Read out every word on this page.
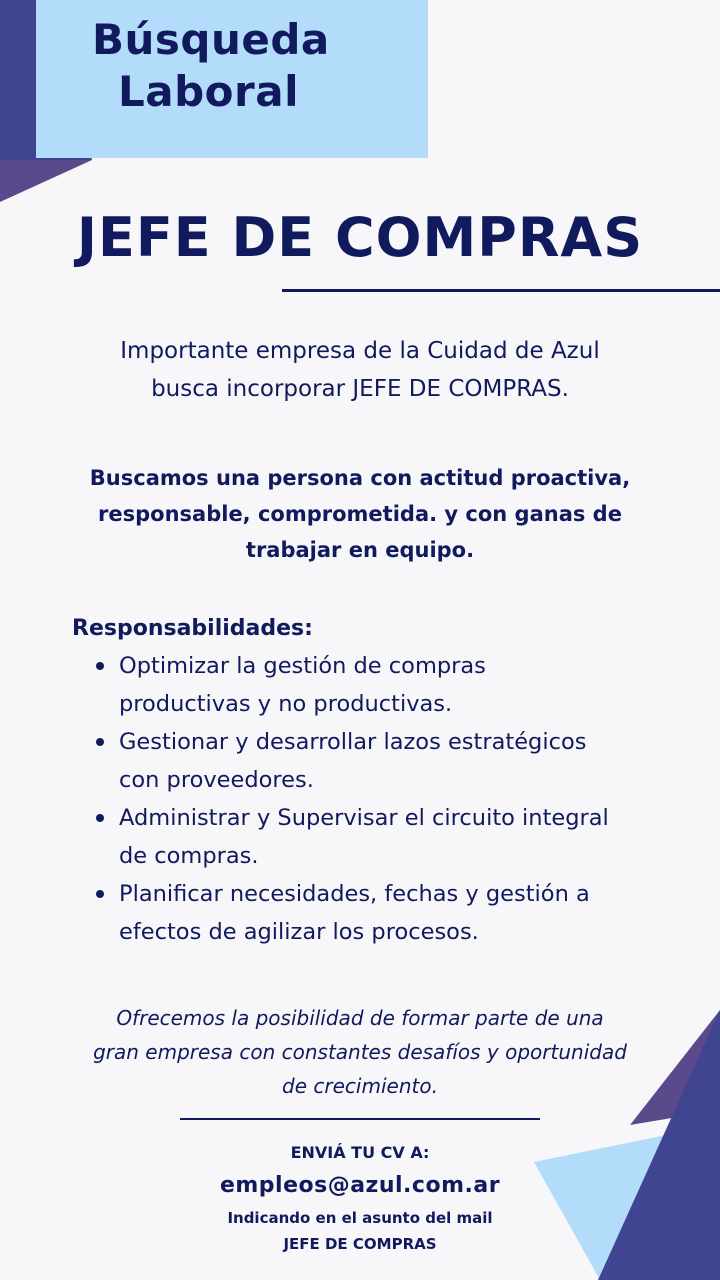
Búsqueda
Laboral
JEFE DE COMPRAS
Importante empresa de la Cuidad de Azul
busca incorporar JEFE DE COMPRAS.
Buscamos una persona con actitud proactiva,
responsable, comprometida. y con ganas de
trabajar en equipo.
Responsabilidades:
Optimizar la gestión de compras
productivas y no productivas.
Gestionar y desarrollar lazos estratégicos
con proveedores.
Administrar y Supervisar el circuito integral
de compras.
Planificar necesidades, fechas y gestión a
efectos de agilizar los procesos.
Ofrecemos la posibilidad de formar parte de una
gran empresa con constantes desafíos y oportunidad
de crecimiento.
ENVIÁ TU CV A:
empleos@azul.com.ar
Indicando en el asunto del mail
JEFE DE COMPRAS
